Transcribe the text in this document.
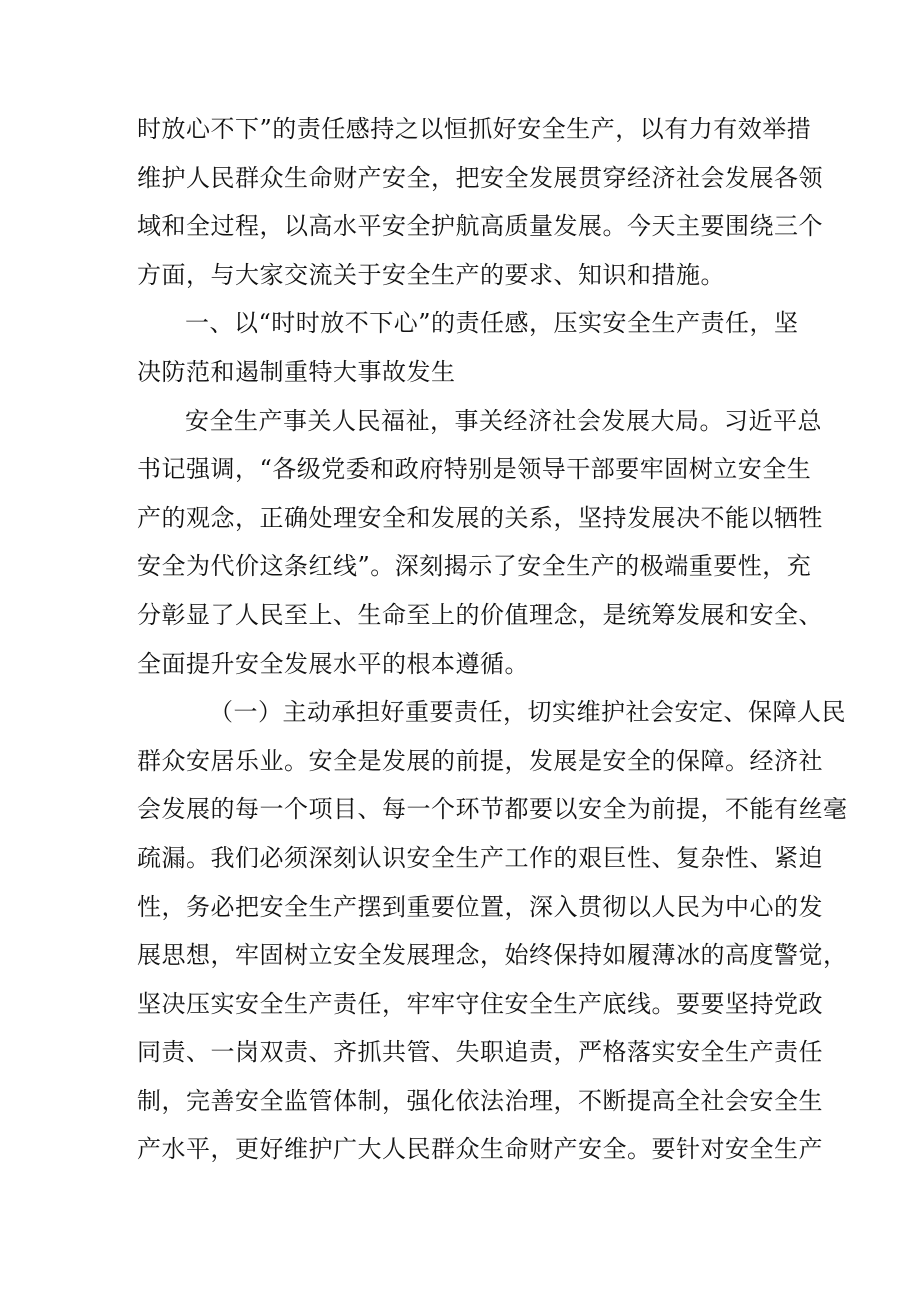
时放心不下”的责任感持之以恒抓好安全生产，以有力有效举措
维护人民群众生命财产安全，把安全发展贯穿经济社会发展各领
域和全过程，以高水平安全护航高质量发展。今天主要围绕三个
方面，与大家交流关于安全生产的要求、知识和措施。
一、以“时时放不下心”的责任感，压实安全生产责任，坚
决防范和遏制重特大事故发生
安全生产事关人民福祉，事关经济社会发展大局。习近平总
书记强调，“各级党委和政府特别是领导干部要牢固树立安全生
产的观念，正确处理安全和发展的关系，坚持发展决不能以牺牲
安全为代价这条红线”。深刻揭示了安全生产的极端重要性，充
分彰显了人民至上、生命至上的价值理念，是统筹发展和安全、
全面提升安全发展水平的根本遵循。
（一）主动承担好重要责任，切实维护社会安定、保障人民
群众安居乐业。安全是发展的前提，发展是安全的保障。经济社
会发展的每一个项目、每一个环节都要以安全为前提，不能有丝毫
疏漏。我们必须深刻认识安全生产工作的艰巨性、复杂性、紧迫
性，务必把安全生产摆到重要位置，深入贯彻以人民为中心的发
展思想，牢固树立安全发展理念，始终保持如履薄冰的高度警觉，
坚决压实安全生产责任，牢牢守住安全生产底线。要要坚持党政
同责、一岗双责、齐抓共管、失职追责，严格落实安全生产责任
制，完善安全监管体制，强化依法治理，不断提高全社会安全生
产水平，更好维护广大人民群众生命财产安全。要针对安全生产
